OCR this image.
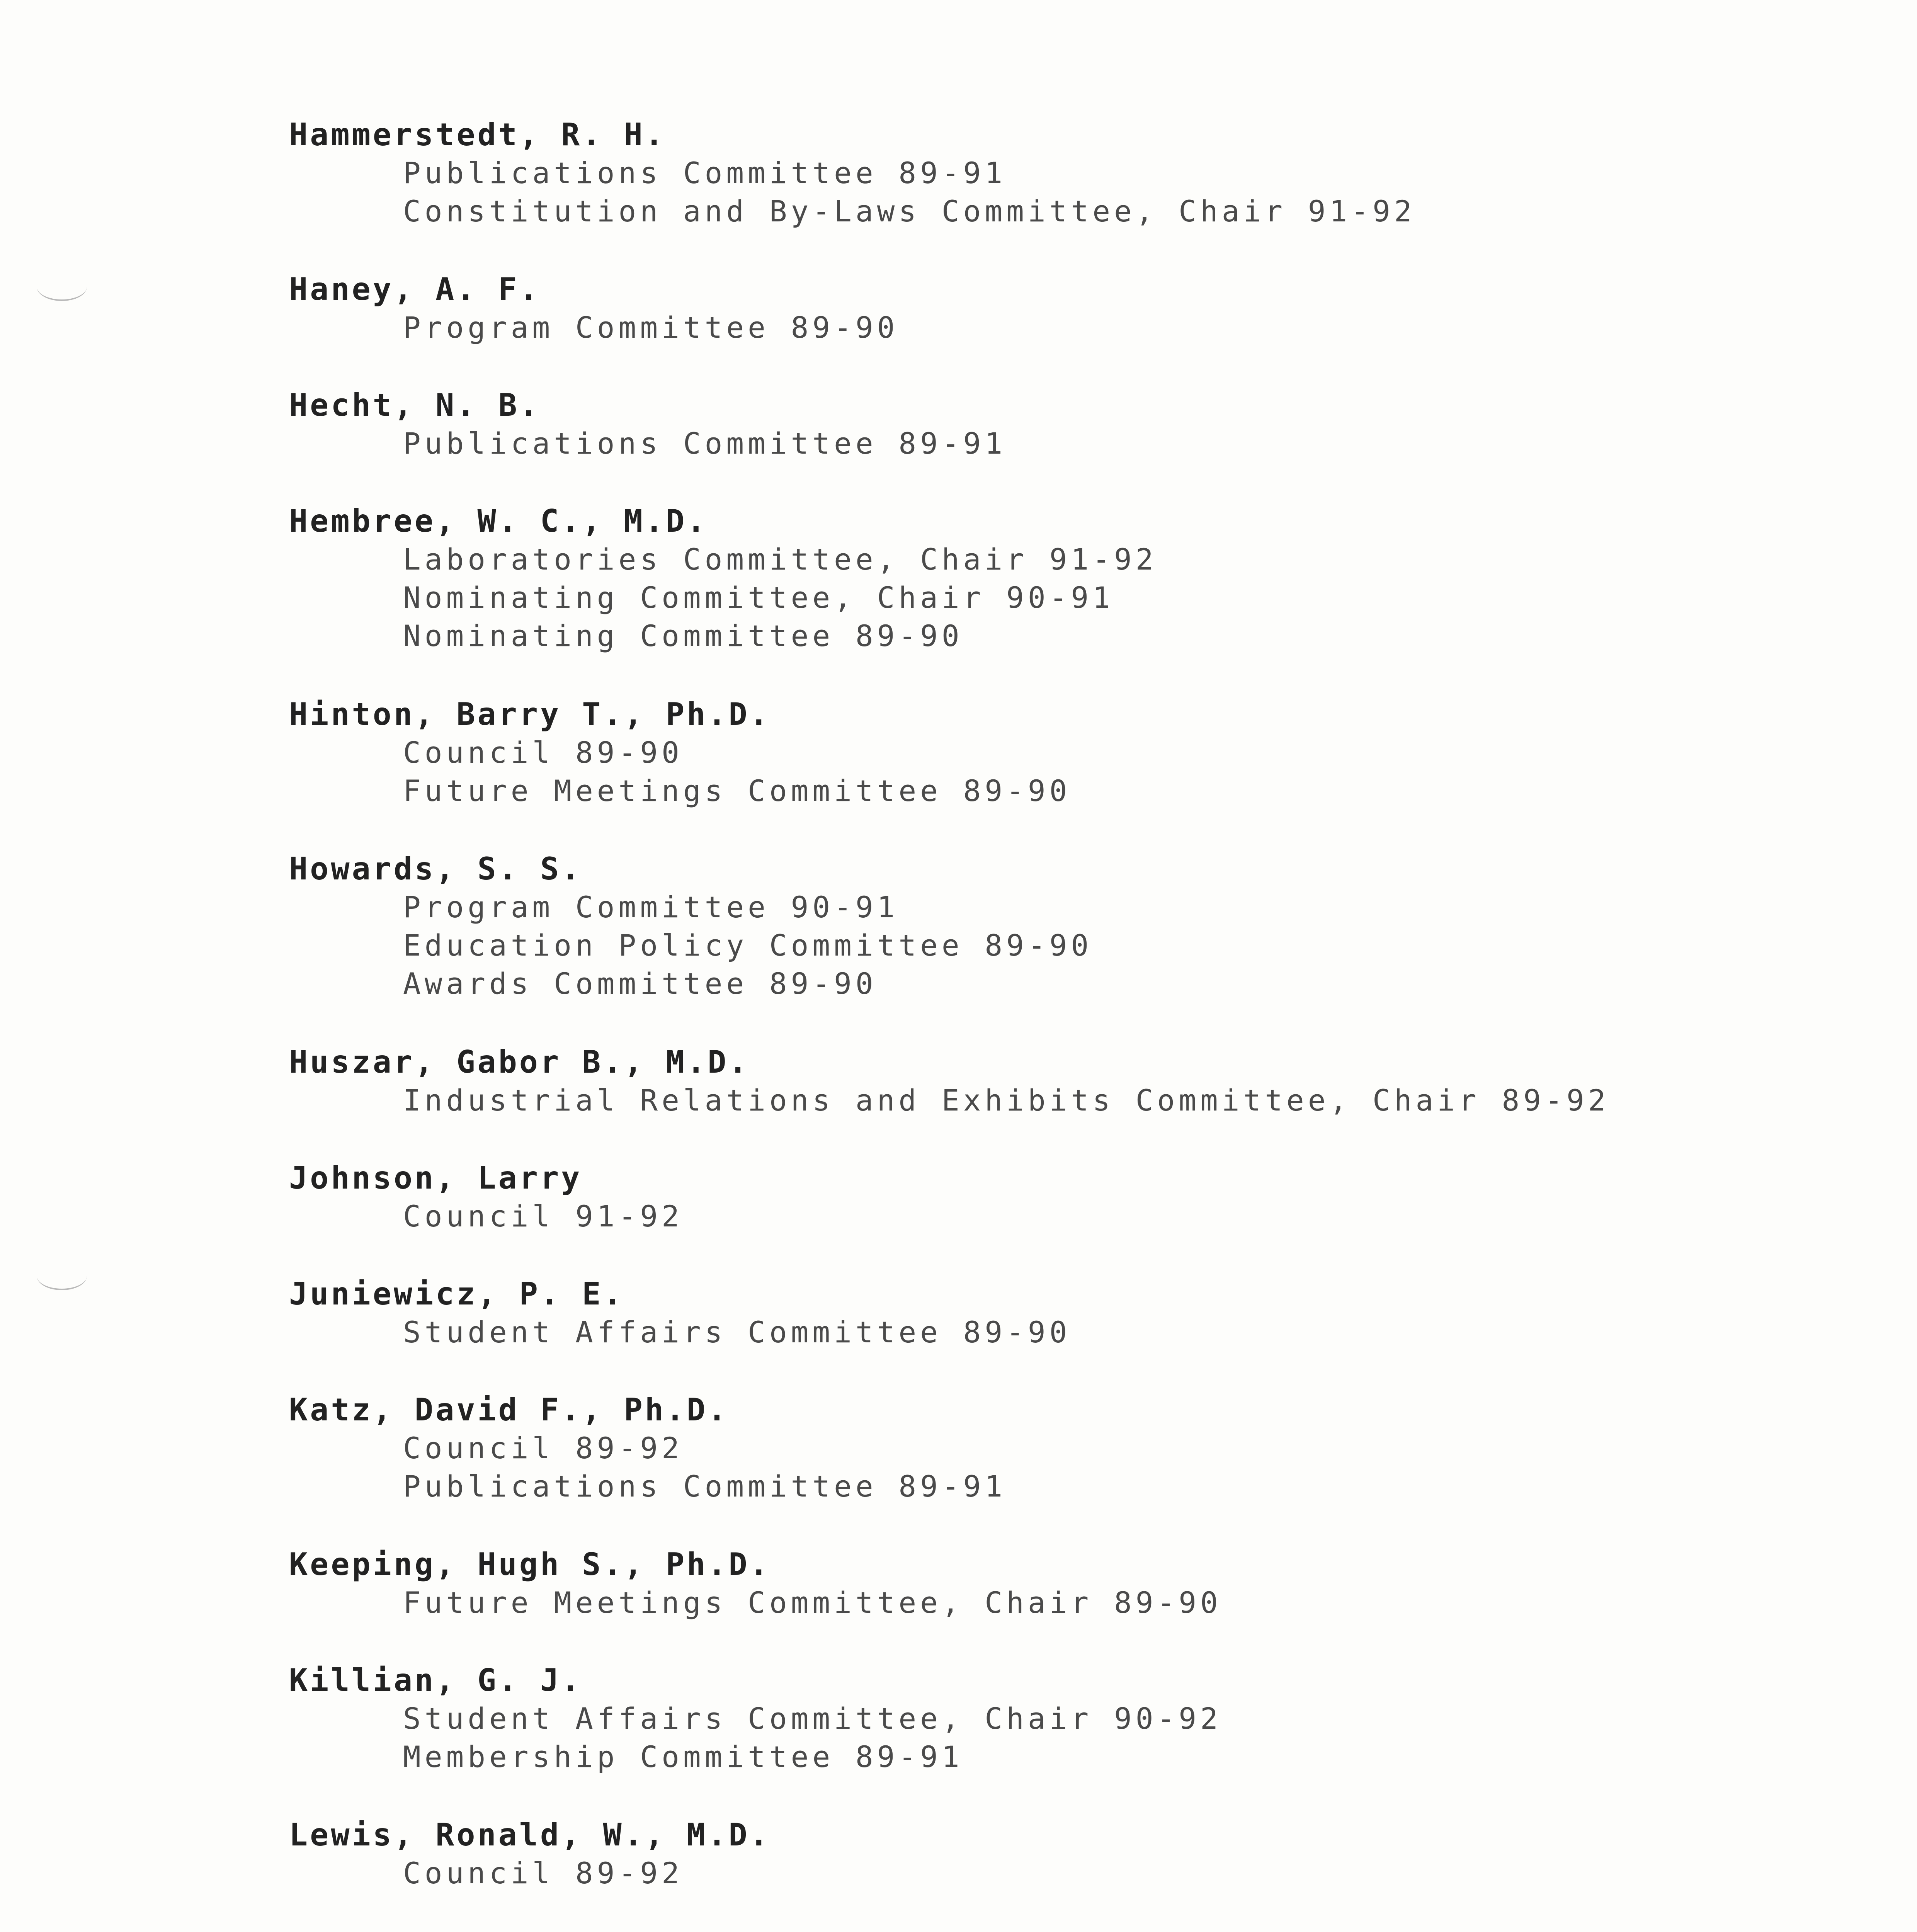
Hammerstedt, R. H.
Publications Committee 89-91
Constitution and By-Laws Committee, Chair 91-92
Haney, A. F.
Program Committee 89-90
Hecht, N. B.
Publications Committee 89-91
Hembree, W. C., M.D.
Laboratories Committee, Chair 91-92
Nominating Committee, Chair 90-91
Nominating Committee 89-90
Hinton, Barry T., Ph.D.
Council 89-90
Future Meetings Committee 89-90
Howards, S. S.
Program Committee 90-91
Education Policy Committee 89-90
Awards Committee 89-90
Huszar, Gabor B., M.D.
Industrial Relations and Exhibits Committee, Chair 89-92
Johnson, Larry
Council 91-92
Juniewicz, P. E.
Student Affairs Committee 89-90
Katz, David F., Ph.D.
Council 89-92
Publications Committee 89-91
Keeping, Hugh S., Ph.D.
Future Meetings Committee, Chair 89-90
Killian, G. J.
Student Affairs Committee, Chair 90-92
Membership Committee 89-91
Lewis, Ronald, W., M.D.
Council 89-92
